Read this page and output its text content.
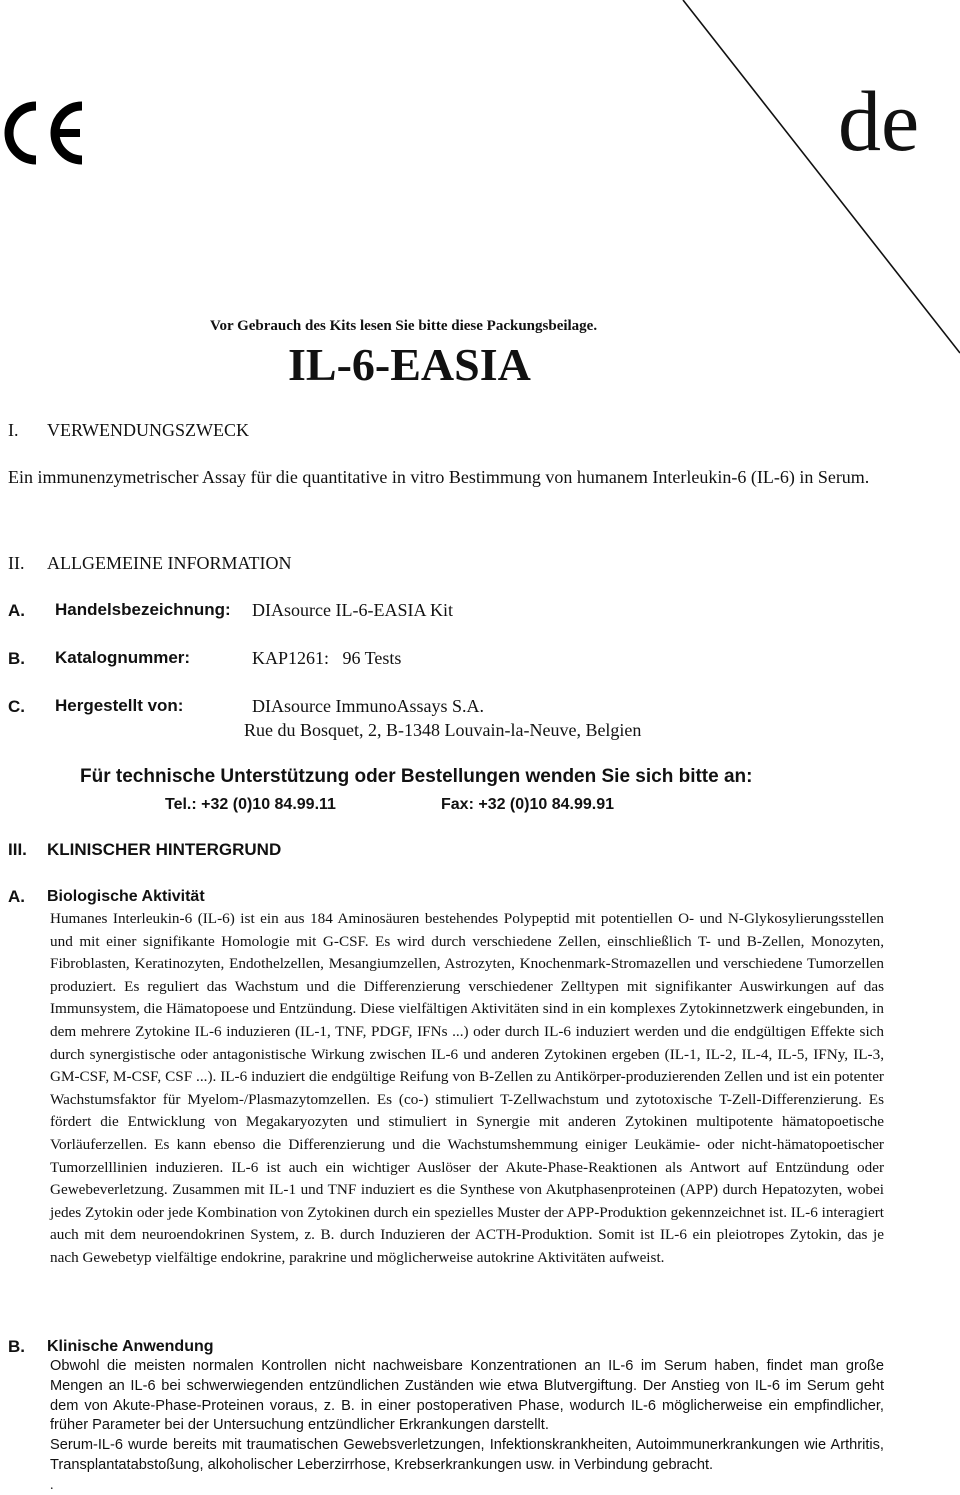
de
Vor Gebrauch des Kits lesen Sie bitte diese Packungsbeilage.
IL-6-EASIA
I. VERWENDUNGSZWECK
Ein immunenzymetrischer Assay für die quantitative in vitro Bestimmung von humanem Interleukin-6 (IL-6) in Serum.
II. ALLGEMEINE INFORMATION
A. Handelsbezeichnung: DIAsource IL-6-EASIA Kit
B. Katalognummer:	KAP1261:   96 Tests
C. Hergestellt von:	DIAsource ImmunoAssays S.A.
Rue du Bosquet, 2, B-1348 Louvain-la-Neuve, Belgien
Für technische Unterstützung oder Bestellungen wenden Sie sich bitte an:
Tel.: +32 (0)10 84.99.11	Fax: +32 (0)10 84.99.91
III. KLINISCHER HINTERGRUND
A. Biologische Aktivität
Humanes Interleukin-6 (IL-6) ist ein aus 184 Aminosäuren bestehendes Polypeptid mit potentiellen O- und N-Glykosylierungsstellen und mit einer signifikante Homologie mit G-CSF. Es wird durch verschiedene Zellen, einschließlich T- und B-Zellen, Monozyten, Fibroblasten, Keratinozyten, Endothelzellen, Mesangiumzellen, Astrozyten, Knochenmark-Stromazellen und verschiedene Tumorzellen produziert. Es reguliert das Wachstum und die Differenzierung verschiedener Zelltypen mit signifikanter Auswirkungen auf das Immunsystem, die Hämatopoese und Entzündung. Diese vielfältigen Aktivitäten sind in ein komplexes Zytokinnetzwerk eingebunden, in dem mehrere Zytokine IL-6 induzieren (IL-1, TNF, PDGF, IFNs ...) oder durch IL-6 induziert werden und die endgültigen Effekte sich durch synergistische oder antagonistische Wirkung zwischen IL-6 und anderen Zytokinen ergeben (IL-1, IL-2, IL-4, IL-5, IFNy, IL-3, GM-CSF, M-CSF, CSF ...). IL-6 induziert die endgültige Reifung von B-Zellen zu Antikörper-produzierenden Zellen und ist ein potenter Wachstumsfaktor für Myelom-/Plasmazytomzellen. Es (co-) stimuliert T-Zellwachstum und zytotoxische T-Zell-Differenzierung. Es fördert die Entwicklung von Megakaryozyten und stimuliert in Synergie mit anderen Zytokinen multipotente hämatopoetische Vorläuferzellen. Es kann ebenso die Differenzierung und die Wachstumshemmung einiger Leukämie- oder nicht-hämatopoetischer Tumorzelllinien induzieren. IL-6 ist auch ein wichtiger Auslöser der Akute-Phase-Reaktionen als Antwort auf Entzündung oder Gewebeverletzung. Zusammen mit IL-1 und TNF induziert es die Synthese von Akutphasenproteinen (APP) durch Hepatozyten, wobei jedes Zytokin oder jede Kombination von Zytokinen durch ein spezielles Muster der APP-Produktion gekennzeichnet ist. IL-6 interagiert auch mit dem neuroendokrinen System, z. B. durch Induzieren der ACTH-Produktion. Somit ist IL-6 ein pleiotropes Zytokin, das je nach Gewebetyp vielfältige endokrine, parakrine und möglicherweise autokrine Aktivitäten aufweist.
B. Klinische Anwendung

Obwohl die meisten normalen Kontrollen nicht nachweisbare Konzentrationen an IL-6 im Serum haben, findet man große Mengen an IL-6 bei schwerwiegenden entzündlichen Zuständen wie etwa Blutvergiftung. Der Anstieg von IL-6 im Serum geht dem von Akute-Phase-Proteinen voraus, z. B. in einer postoperativen Phase, wodurch IL-6 möglicherweise ein empfindlicher, früher Parameter bei der Untersuchung entzündlicher Erkrankungen darstellt.

Serum-IL-6 wurde bereits mit traumatischen Gewebsverletzungen, Infektionskrankheiten, Autoimmunerkrankungen wie Arthritis, Transplantatabstoßung, alkoholischer Leberzirrhose, Krebserkrankungen usw. in Verbindung gebracht.

.
